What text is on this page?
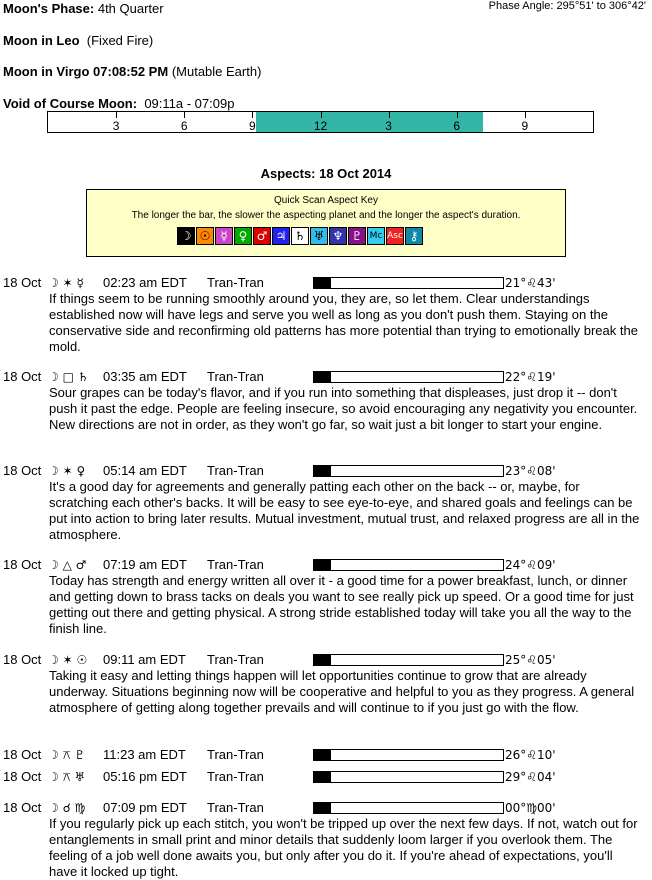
Moon's Phase: 4th Quarter	Phase Angle: 295°51' to 306°42'
Moon in Leo (Fixed Fire)
Moon in Virgo 07:08:52 PM (Mutable Earth)
Void of Course Moon: 09:11a - 07:09p
3	6	9	12	3	6	9
Aspects: 18 Oct 2014
Quick Scan Aspect Key
The longer the bar, the slower the aspecting planet and the longer the aspect's duration.
☽ ☉ ☿ ♀ ♂ ♃ ♄ ♅ ♆ ♇ Mc Asc ⚷
18 Oct ☽ ✶ ☿ 02:23 am EDT Tran-Tran	21°♌43'
If things seem to be running smoothly around you, they are, so let them. Clear understandings established now will have legs and serve you well as long as you don't push them. Staying on the conservative side and reconfirming old patterns has more potential than trying to emotionally break the mold.
18 Oct ☽ □ ♄ 03:35 am EDT Tran-Tran	22°♌19'
Sour grapes can be today's flavor, and if you run into something that displeases, just drop it -- don't push it past the edge. People are feeling insecure, so avoid encouraging any negativity you encounter. New directions are not in order, as they won't go far, so wait just a bit longer to start your engine.
18 Oct ☽ ✶ ♀ 05:14 am EDT Tran-Tran	23°♌08'
It's a good day for agreements and generally patting each other on the back -- or, maybe, for scratching each other's backs. It will be easy to see eye-to-eye, and shared goals and feelings can be put into action to bring later results. Mutual investment, mutual trust, and relaxed progress are all in the atmosphere.
18 Oct ☽ △ ♂ 07:19 am EDT Tran-Tran	24°♌09'
Today has strength and energy written all over it - a good time for a power breakfast, lunch, or dinner and getting down to brass tacks on deals you want to see really pick up speed. Or a good time for just getting out there and getting physical. A strong stride established today will take you all the way to the finish line.
18 Oct ☽ ✶ ☉ 09:11 am EDT Tran-Tran	25°♌05'
Taking it easy and letting things happen will let opportunities continue to grow that are already underway. Situations beginning now will be cooperative and helpful to you as they progress. A general atmosphere of getting along together prevails and will continue to if you just go with the flow.
18 Oct ☽ ⚻ ♇ 11:23 am EDT Tran-Tran	26°♌10'
18 Oct ☽ ⚻ ♅ 05:16 pm EDT Tran-Tran	29°♌04'
18 Oct ☽ ☌ ♍ 07:09 pm EDT Tran-Tran	00°♍00'
If you regularly pick up each stitch, you won't be tripped up over the next few days. If not, watch out for entanglements in small print and minor details that suddenly loom larger if you overlook them. The feeling of a job well done awaits you, but only after you do it. If you're ahead of expectations, you'll have it locked up tight.
